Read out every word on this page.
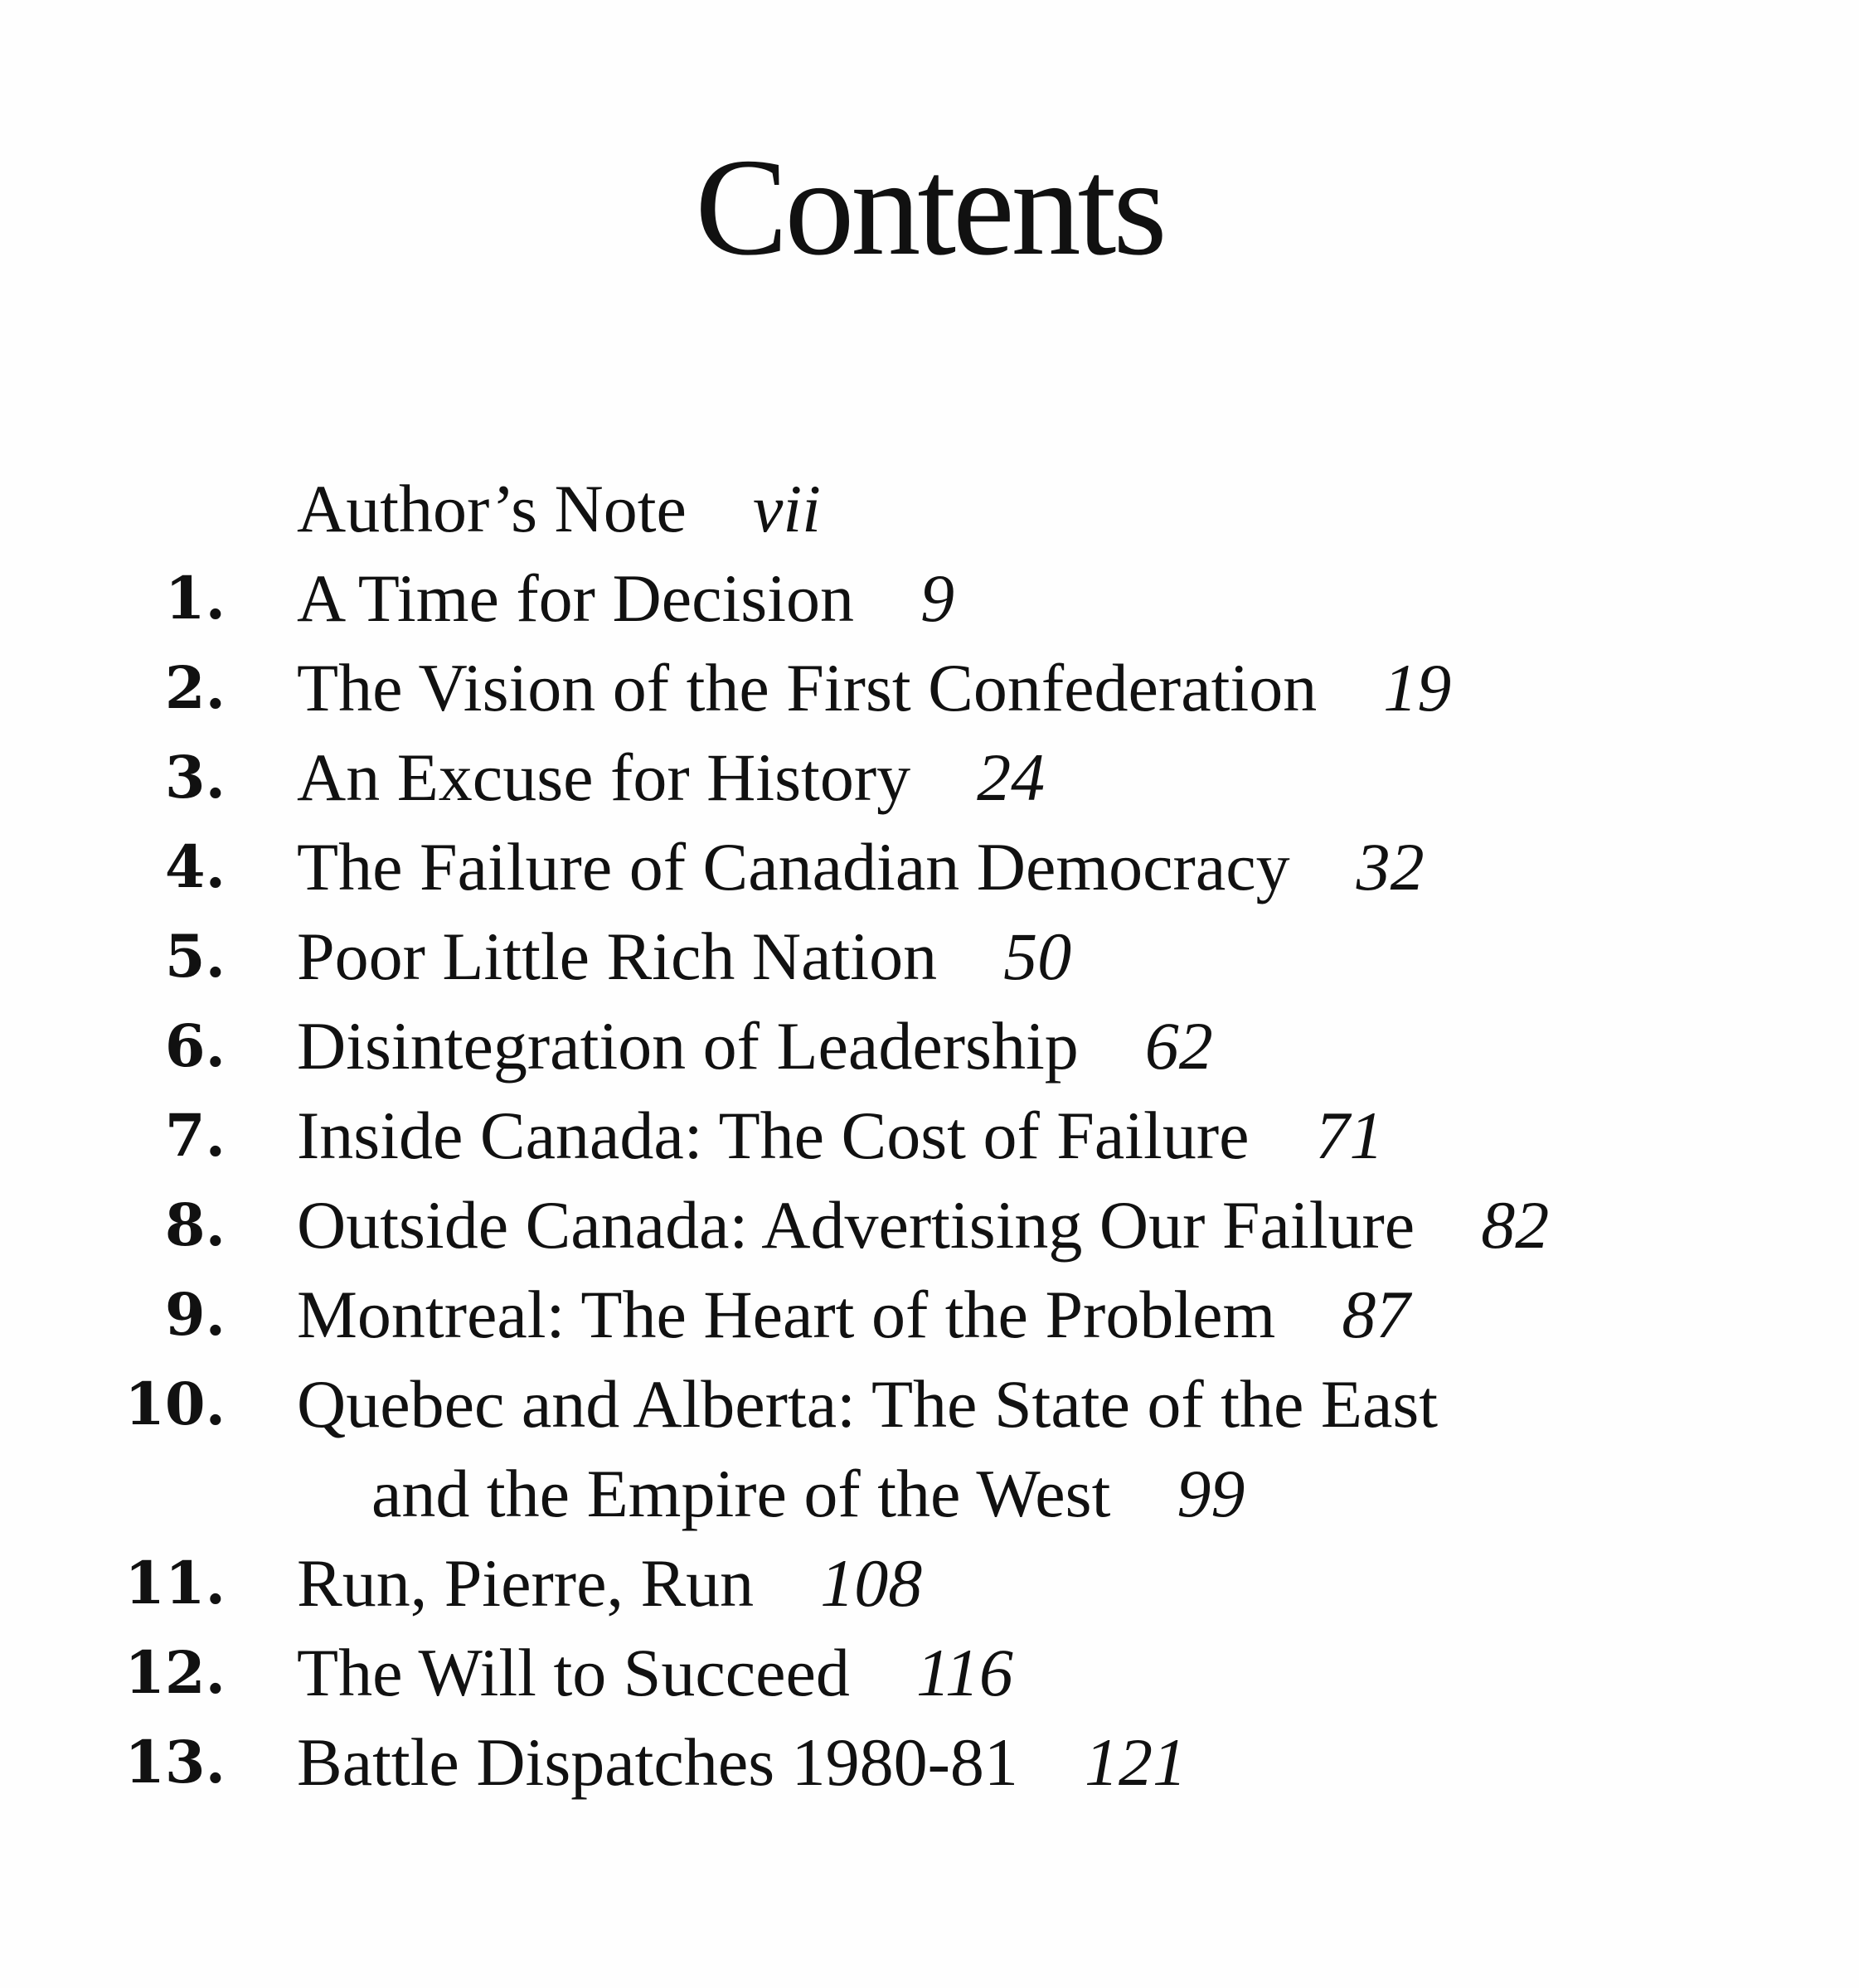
Contents
Author’s Note vii
1. A Time for Decision 9
2. The Vision of the First Confederation 19
3. An Excuse for History 24
4. The Failure of Canadian Democracy 32
5. Poor Little Rich Nation 50
6. Disintegration of Leadership 62
7. Inside Canada: The Cost of Failure 71
8. Outside Canada: Advertising Our Failure 82
9. Montreal: The Heart of the Problem 87
10. Quebec and Alberta: The State of the East
and the Empire of the West 99
11. Run, Pierre, Run 108
12. The Will to Succeed 116
13. Battle Dispatches 1980-81 121
